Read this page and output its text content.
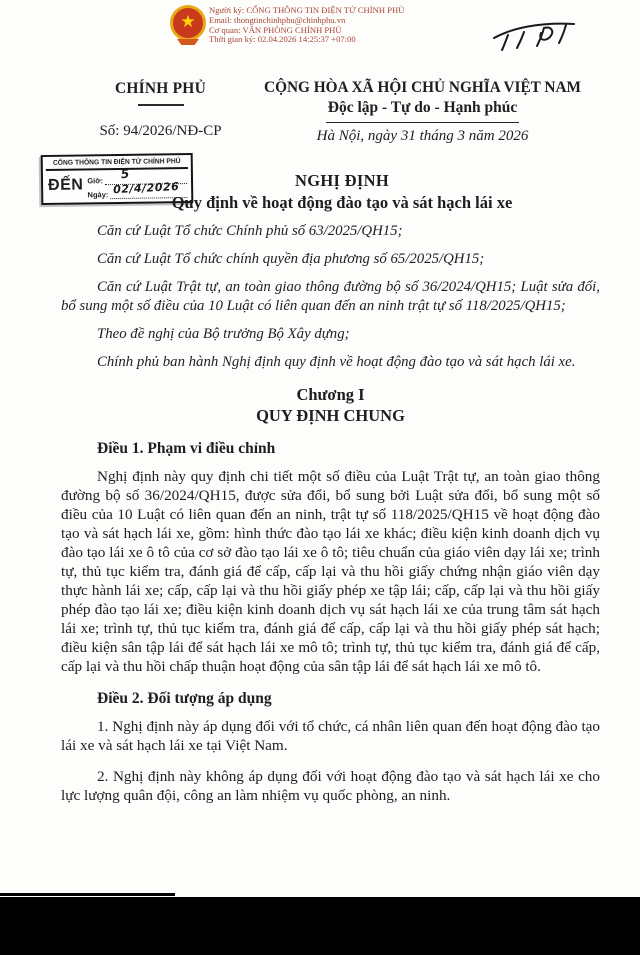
★
Người ký: CỔNG THÔNG TIN ĐIỆN TỬ CHÍNH PHỦ
Email: thongtinchinhphu@chinhphu.vn
Cơ quan: VĂN PHÒNG CHÍNH PHỦ
Thời gian ký: 02.04.2026 14:25:37 +07:00
CHÍNH PHỦ
Số: 94/2026/NĐ-CP
CỘNG HÒA XÃ HỘI CHỦ NGHĨA VIỆT NAM
Độc lập - Tự do - Hạnh phúc
Hà Nội, ngày 31 tháng 3 năm 2026
CỔNG THÔNG TIN ĐIỆN TỬ CHÍNH PHỦ
ĐẾN Giờ: 5
Ngày: 02/4/2026	NGHỊ ĐỊNH
Quy định về hoạt động đào tạo và sát hạch lái xe

Căn cứ Luật Tổ chức Chính phủ số 63/2025/QH15;

Căn cứ Luật Tổ chức chính quyền địa phương số 65/2025/QH15;

Căn cứ Luật Trật tự, an toàn giao thông đường bộ số 36/2024/QH15; Luật sửa đổi, bổ sung một số điều của 10 Luật có liên quan đến an ninh trật tự số 118/2025/QH15;

Theo đề nghị của Bộ trưởng Bộ Xây dựng;

Chính phủ ban hành Nghị định quy định về hoạt động đào tạo và sát hạch lái xe.

Chương I
QUY ĐỊNH CHUNG
Điều 1. Phạm vi điều chỉnh

Nghị định này quy định chi tiết một số điều của Luật Trật tự, an toàn giao thông đường bộ số 36/2024/QH15, được sửa đổi, bổ sung bởi Luật sửa đổi, bổ sung một số điều của 10 Luật có liên quan đến an ninh, trật tự số 118/2025/QH15 về hoạt động đào tạo và sát hạch lái xe, gồm: hình thức đào tạo lái xe khác; điều kiện kinh doanh dịch vụ đào tạo lái xe ô tô của cơ sở đào tạo lái xe ô tô; tiêu chuẩn của giáo viên dạy lái xe; trình tự, thủ tục kiểm tra, đánh giá để cấp, cấp lại và thu hồi giấy chứng nhận giáo viên dạy thực hành lái xe; cấp, cấp lại và thu hồi giấy phép xe tập lái; cấp, cấp lại và thu hồi giấy phép đào tạo lái xe; điều kiện kinh doanh dịch vụ sát hạch lái xe của trung tâm sát hạch lái xe; trình tự, thủ tục kiểm tra, đánh giá để cấp, cấp lại và thu hồi giấy phép sát hạch; điều kiện sân tập lái để sát hạch lái xe mô tô; trình tự, thủ tục kiểm tra, đánh giá để cấp, cấp lại và thu hồi chấp thuận hoạt động của sân tập lái để sát hạch lái xe mô tô.

Điều 2. Đối tượng áp dụng

1. Nghị định này áp dụng đối với tổ chức, cá nhân liên quan đến hoạt động đào tạo lái xe và sát hạch lái xe tại Việt Nam.

2. Nghị định này không áp dụng đối với hoạt động đào tạo và sát hạch lái xe cho lực lượng quân đội, công an làm nhiệm vụ quốc phòng, an ninh.
